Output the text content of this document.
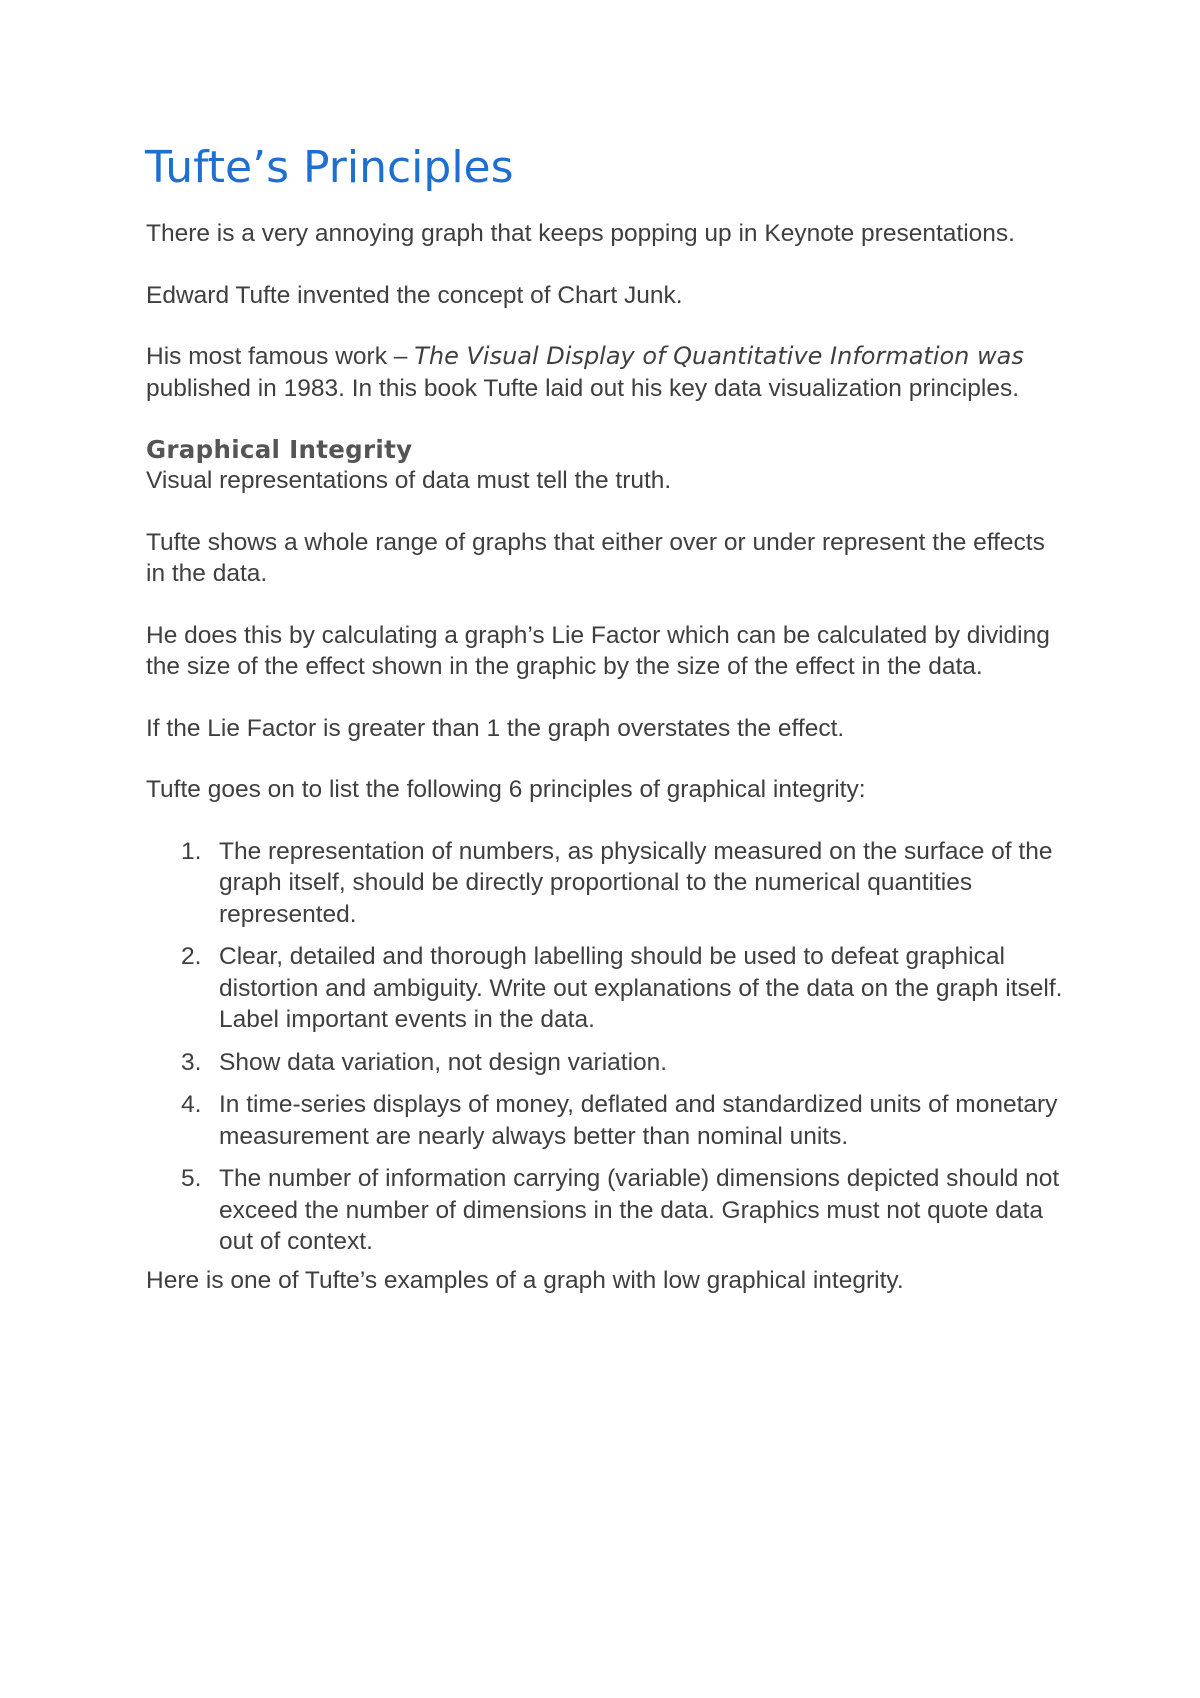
Tufte’s Principles

There is a very annoying graph that keeps popping up in Keynote presentations.

Edward Tufte invented the concept of Chart Junk.

His most famous work – The Visual Display of Quantitative Information was published in 1983. In this book Tufte laid out his key data visualization principles.

Graphical Integrity

Visual representations of data must tell the truth.

Tufte shows a whole range of graphs that either over or under represent the effects in the data.

He does this by calculating a graph’s Lie Factor which can be calculated by dividing the size of the effect shown in the graphic by the size of the effect in the data.

If the Lie Factor is greater than 1 the graph overstates the effect.

Tufte goes on to list the following 6 principles of graphical integrity:

1. The representation of numbers, as physically measured on the surface of the graph itself, should be directly proportional to the numerical quantities represented.
2. Clear, detailed and thorough labelling should be used to defeat graphical distortion and ambiguity. Write out explanations of the data on the graph itself. Label important events in the data.
3. Show data variation, not design variation.
4. In time-series displays of money, deflated and standardized units of monetary measurement are nearly always better than nominal units.
5. The number of information carrying (variable) dimensions depicted should not exceed the number of dimensions in the data. Graphics must not quote data out of context.

Here is one of Tufte’s examples of a graph with low graphical integrity.
